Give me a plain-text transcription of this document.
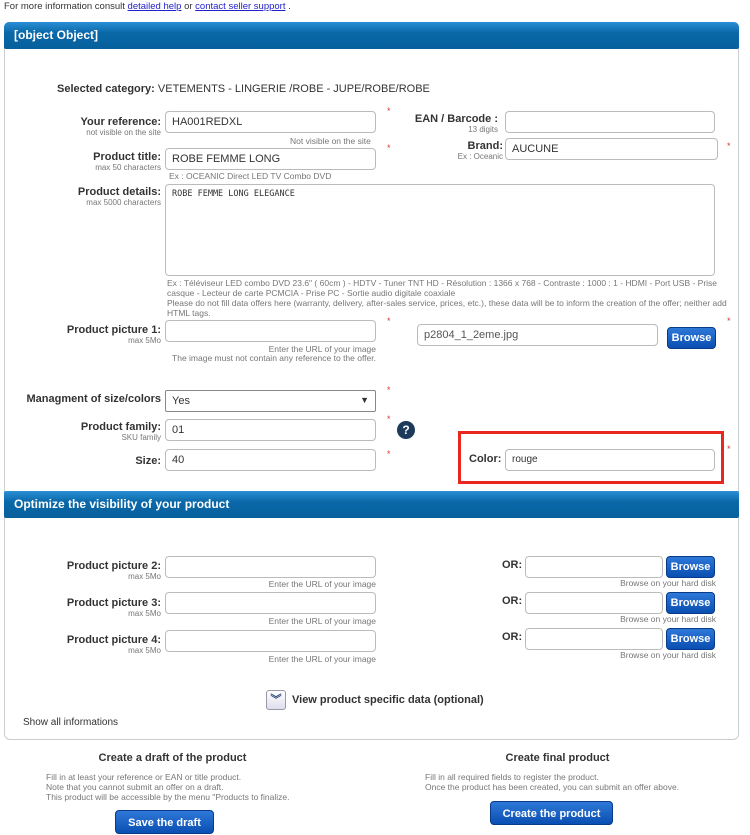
For more information consult detailed help or contact seller support .
[object Object]
Selected category: VETEMENTS - LINGERIE /ROBE - JUPE/ROBE/ROBE
Your reference:
not visible on the site
HA001REDXL
*
Not visible on the site
EAN / Barcode :
13 digits
Product title:
max 50 characters
ROBE FEMME LONG
*
Ex : OCEANIC Direct LED TV Combo DVD
Brand:
Ex : Oceanic
AUCUNE	*
Product details:
max 5000 characters
ROBE FEMME LONG ELEGANCE
Ex : Téléviseur LED combo DVD 23.6" ( 60cm ) - HDTV - Tuner TNT HD - Résolution : 1366 x 768 - Contraste : 1000 : 1 - HDMI - Port USB - Prise casque - Lecteur de carte PCMCIA - Prise PC - Sortie audio digitale coaxiale
Please do not fill data offers here (warranty, delivery, after-sales service, prices, etc.), these data will be to inform the creation of the offer; neither add HTML tags.
Product picture 1:
max 5Mo
*
Enter the URL of your image
The image must not contain any reference to the offer.
p2804_1_2eme.jpg	Browse
*
Managment of size/colors	Yes	▼
*
Product family:
SKU family
01
*
?
Size:	40	*	Color:	rouge
*
Optimize the visibility of your product
Product picture 2:
max 5Mo
Enter the URL of your image
OR:	Browse
Browse on your hard disk
Product picture 3:
max 5Mo
Enter the URL of your image
OR:	Browse
Browse on your hard disk
Product picture 4:
max 5Mo
Enter the URL of your image
OR:	Browse
Browse on your hard disk
︾ View product specific data (optional)
Show all informations
Create a draft of the product
Fill in at least your reference or EAN or title product.
Note that you cannot submit an offer on a draft.
This product will be accessible by the menu "Products to finalize.
Save the draft
Create final product
Fill in all required fields to register the product.
Once the product has been created, you can submit an offer above.
Create the product
